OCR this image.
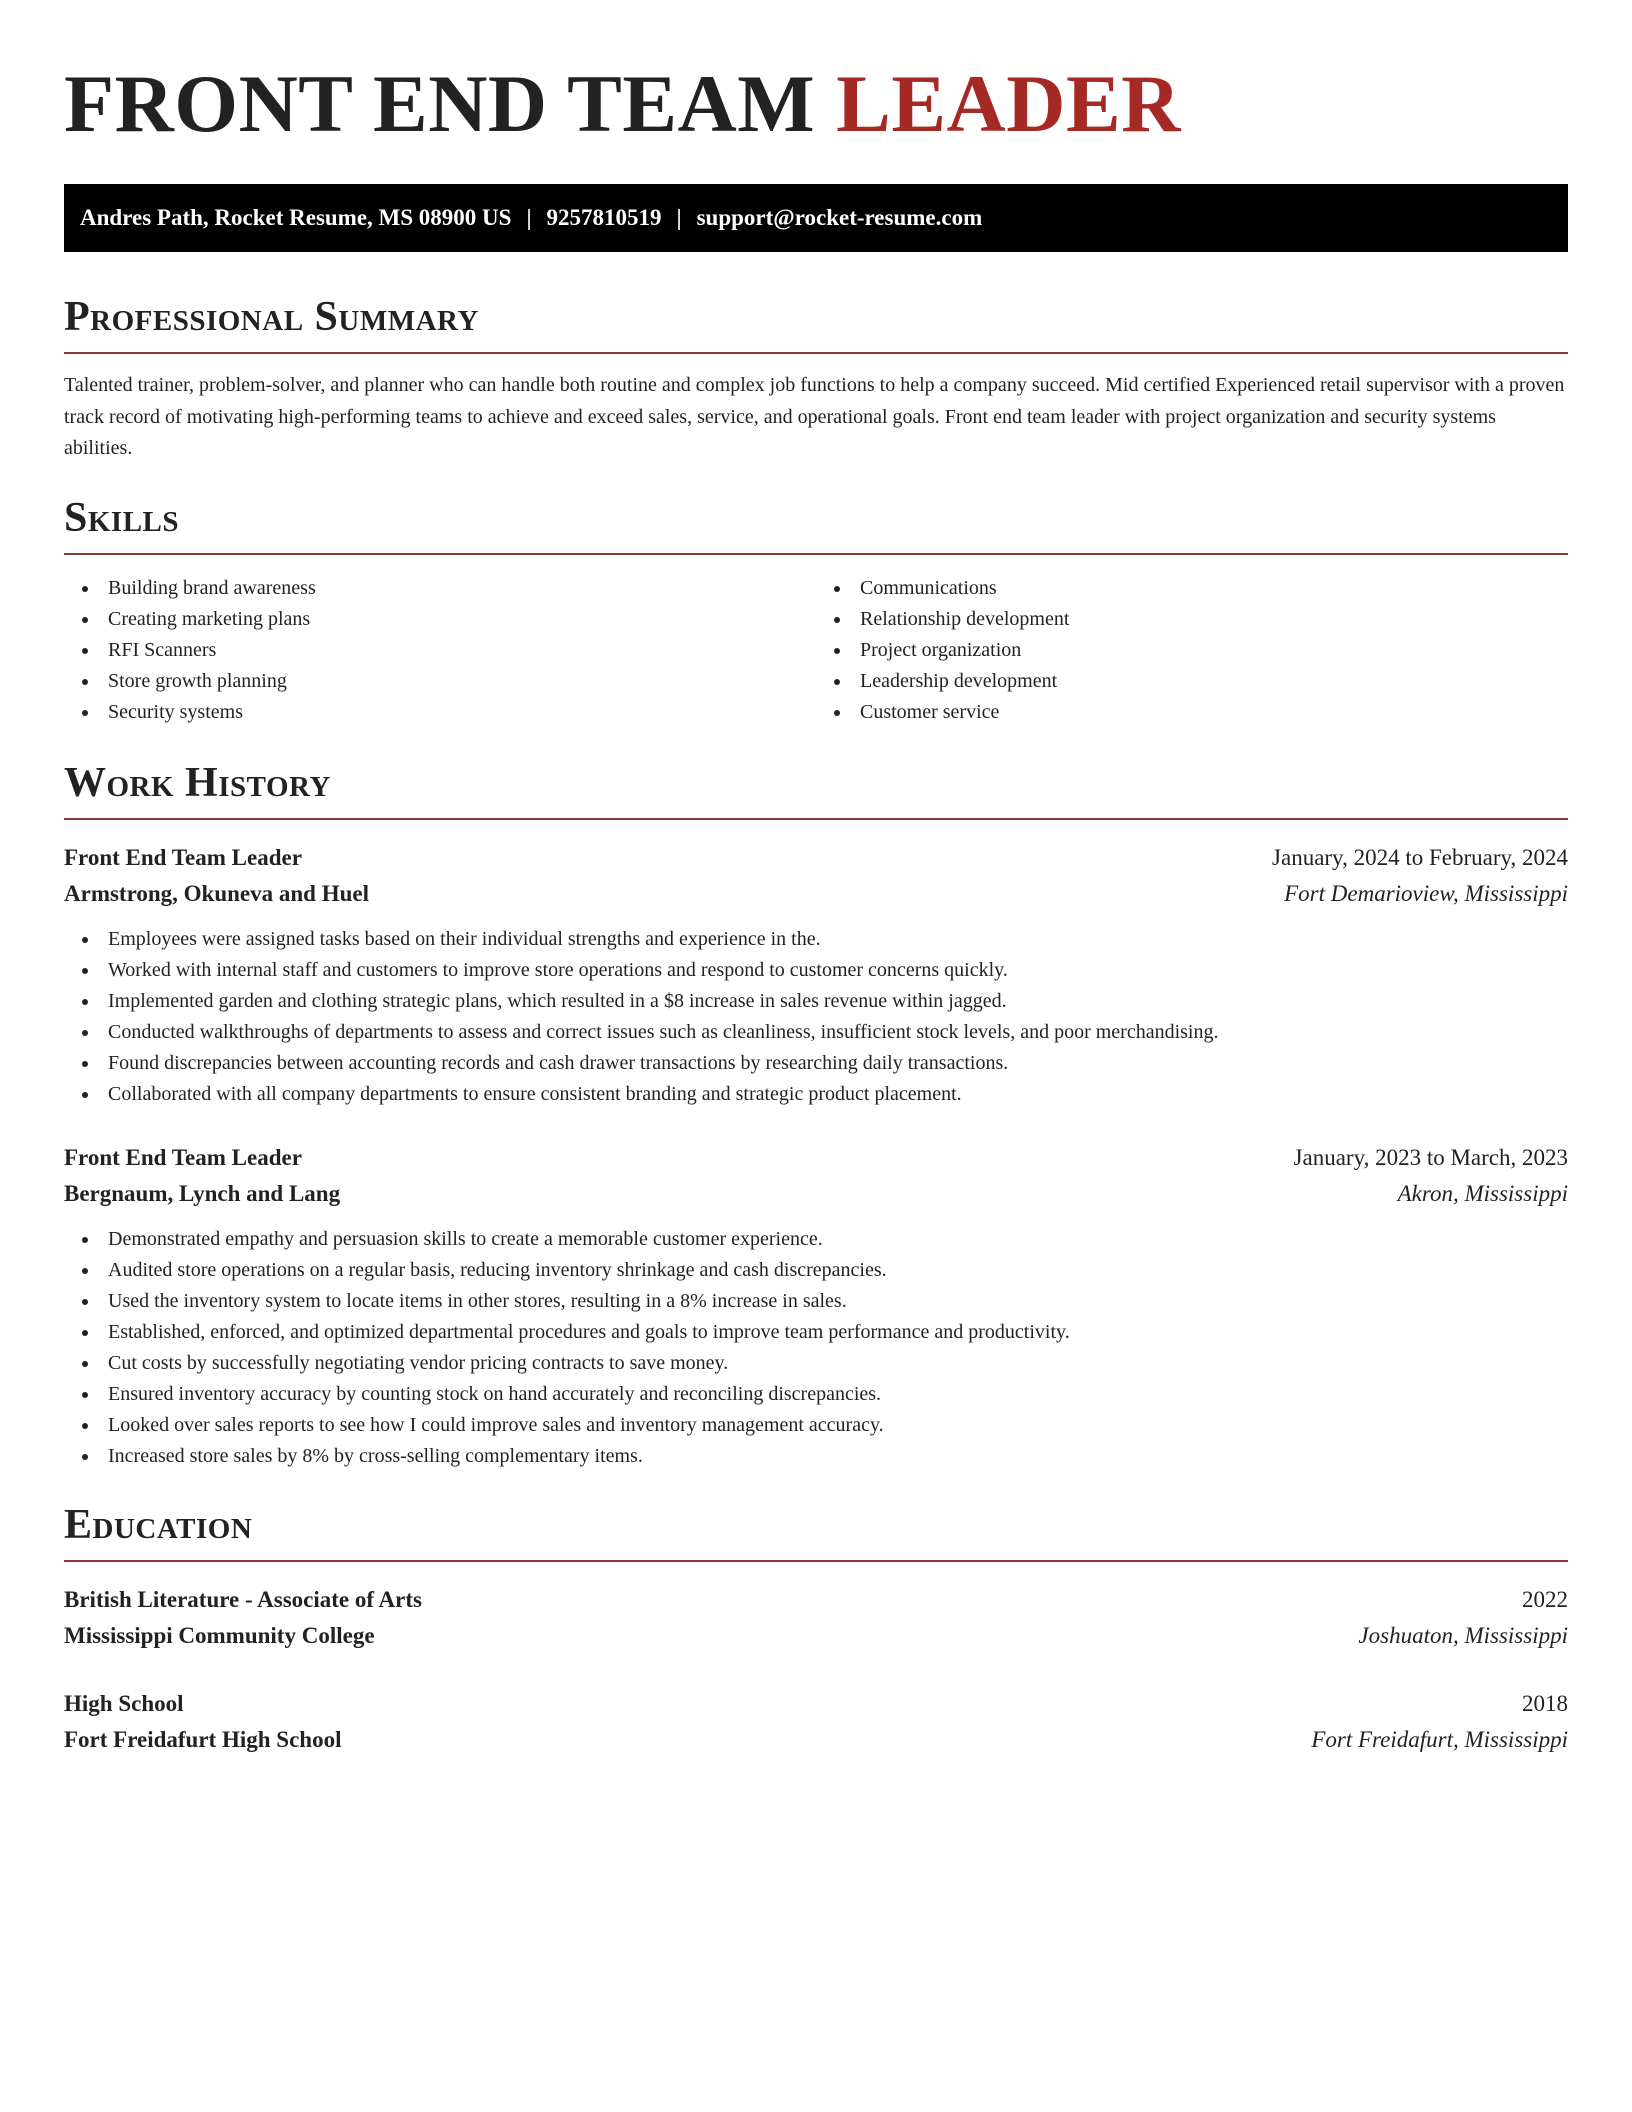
FRONT END TEAM LEADER
Andres Path, Rocket Resume, MS 08900 US | 9257810519 | support@rocket-resume.com
Professional Summary

Talented trainer, problem-solver, and planner who can handle both routine and complex job functions to help a company succeed. Mid certified Experienced retail supervisor with a proven track record of motivating high-performing teams to achieve and exceed sales, service, and operational goals. Front end team leader with project organization and security systems abilities.

Skills
Building brand awareness
Creating marketing plans
RFI Scanners
Store growth planning
Security systems
Communications
Relationship development
Project organization
Leadership development
Customer service
Work History
Front End Team Leader	January, 2024 to February, 2024
Armstrong, Okuneva and Huel	Fort Demarioview, Mississippi
Employees were assigned tasks based on their individual strengths and experience in the.
Worked with internal staff and customers to improve store operations and respond to customer concerns quickly.
Implemented garden and clothing strategic plans, which resulted in a $8 increase in sales revenue within jagged.
Conducted walkthroughs of departments to assess and correct issues such as cleanliness, insufficient stock levels, and poor merchandising.
Found discrepancies between accounting records and cash drawer transactions by researching daily transactions.
Collaborated with all company departments to ensure consistent branding and strategic product placement.
Front End Team Leader	January, 2023 to March, 2023
Bergnaum, Lynch and Lang	Akron, Mississippi
Demonstrated empathy and persuasion skills to create a memorable customer experience.
Audited store operations on a regular basis, reducing inventory shrinkage and cash discrepancies.
Used the inventory system to locate items in other stores, resulting in a 8% increase in sales.
Established, enforced, and optimized departmental procedures and goals to improve team performance and productivity.
Cut costs by successfully negotiating vendor pricing contracts to save money.
Ensured inventory accuracy by counting stock on hand accurately and reconciling discrepancies.
Looked over sales reports to see how I could improve sales and inventory management accuracy.
Increased store sales by 8% by cross-selling complementary items.
Education
British Literature - Associate of Arts	2022
Mississippi Community College	Joshuaton, Mississippi
High School	2018
Fort Freidafurt High School	Fort Freidafurt, Mississippi
